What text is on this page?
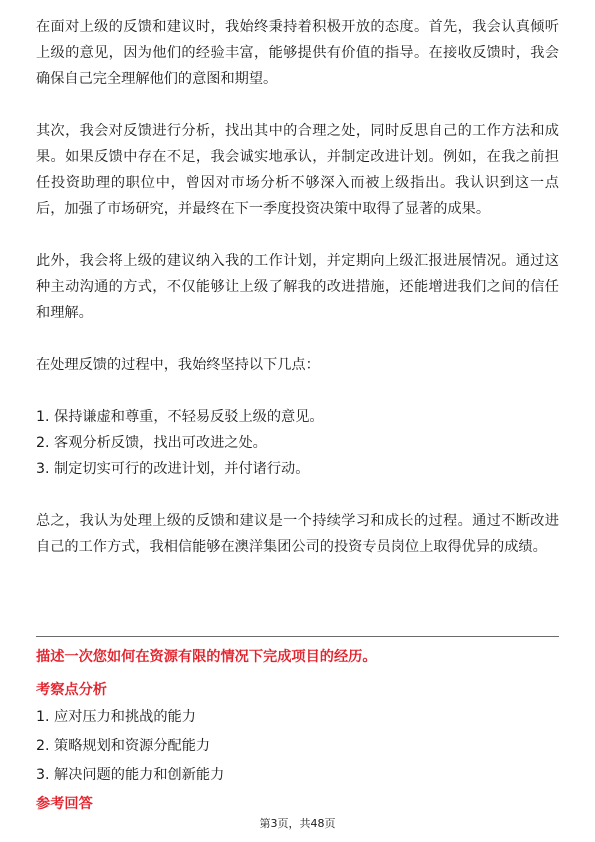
在面对上级的反馈和建议时，我始终秉持着积极开放的态度。首先，我会认真倾听上级的意见，因为他们的经验丰富，能够提供有价值的指导。在接收反馈时，我会确保自己完全理解他们的意图和期望。

其次，我会对反馈进行分析，找出其中的合理之处，同时反思自己的工作方法和成果。如果反馈中存在不足，我会诚实地承认，并制定改进计划。例如，在我之前担任投资助理的职位中，曾因对市场分析不够深入而被上级指出。我认识到这一点后，加强了市场研究，并最终在下一季度投资决策中取得了显著的成果。

此外，我会将上级的建议纳入我的工作计划，并定期向上级汇报进展情况。通过这种主动沟通的方式，不仅能够让上级了解我的改进措施，还能增进我们之间的信任和理解。

在处理反馈的过程中，我始终坚持以下几点：

1. 保持谦虚和尊重，不轻易反驳上级的意见。

2. 客观分析反馈，找出可改进之处。

3. 制定切实可行的改进计划，并付诸行动。

总之，我认为处理上级的反馈和建议是一个持续学习和成长的过程。通过不断改进自己的工作方式，我相信能够在澳洋集团公司的投资专员岗位上取得优异的成绩。

描述一次您如何在资源有限的情况下完成项目的经历。

考察点分析

1. 应对压力和挑战的能力

2. 策略规划和资源分配能力

3. 解决问题的能力和创新能力

参考回答

第3页，共48页
